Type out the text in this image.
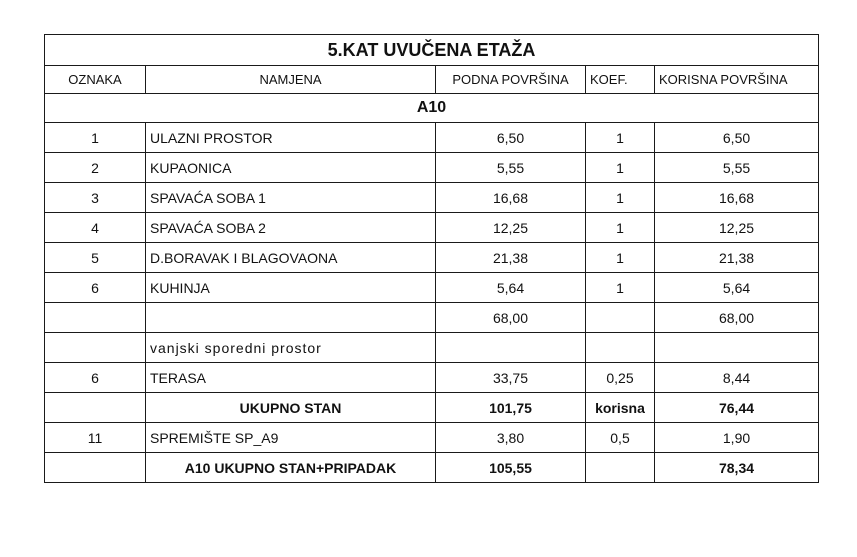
5.KAT UVUČENA ETAŽA				
OZNAKA	NAMJENA	PODNA POVRŠINA	KOEF.	KORISNA POVRŠINA
A10				
1	ULAZNI PROSTOR	6,50	1	6,50
2	KUPAONICA	5,55	1	5,55
3	SPAVAĆA SOBA 1	16,68	1	16,68
4	SPAVAĆA SOBA 2	12,25	1	12,25
5	D.BORAVAK I BLAGOVAONA	21,38	1	21,38
6	KUHINJA	5,64	1	5,64
		68,00		68,00
	vanjski sporedni prostor			
6	TERASA	33,75	0,25	8,44
	UKUPNO STAN	101,75	korisna	76,44
11	SPREMIŠTE SP_A9	3,80	0,5	1,90
	A10 UKUPNO STAN+PRIPADAK	105,55		78,34
